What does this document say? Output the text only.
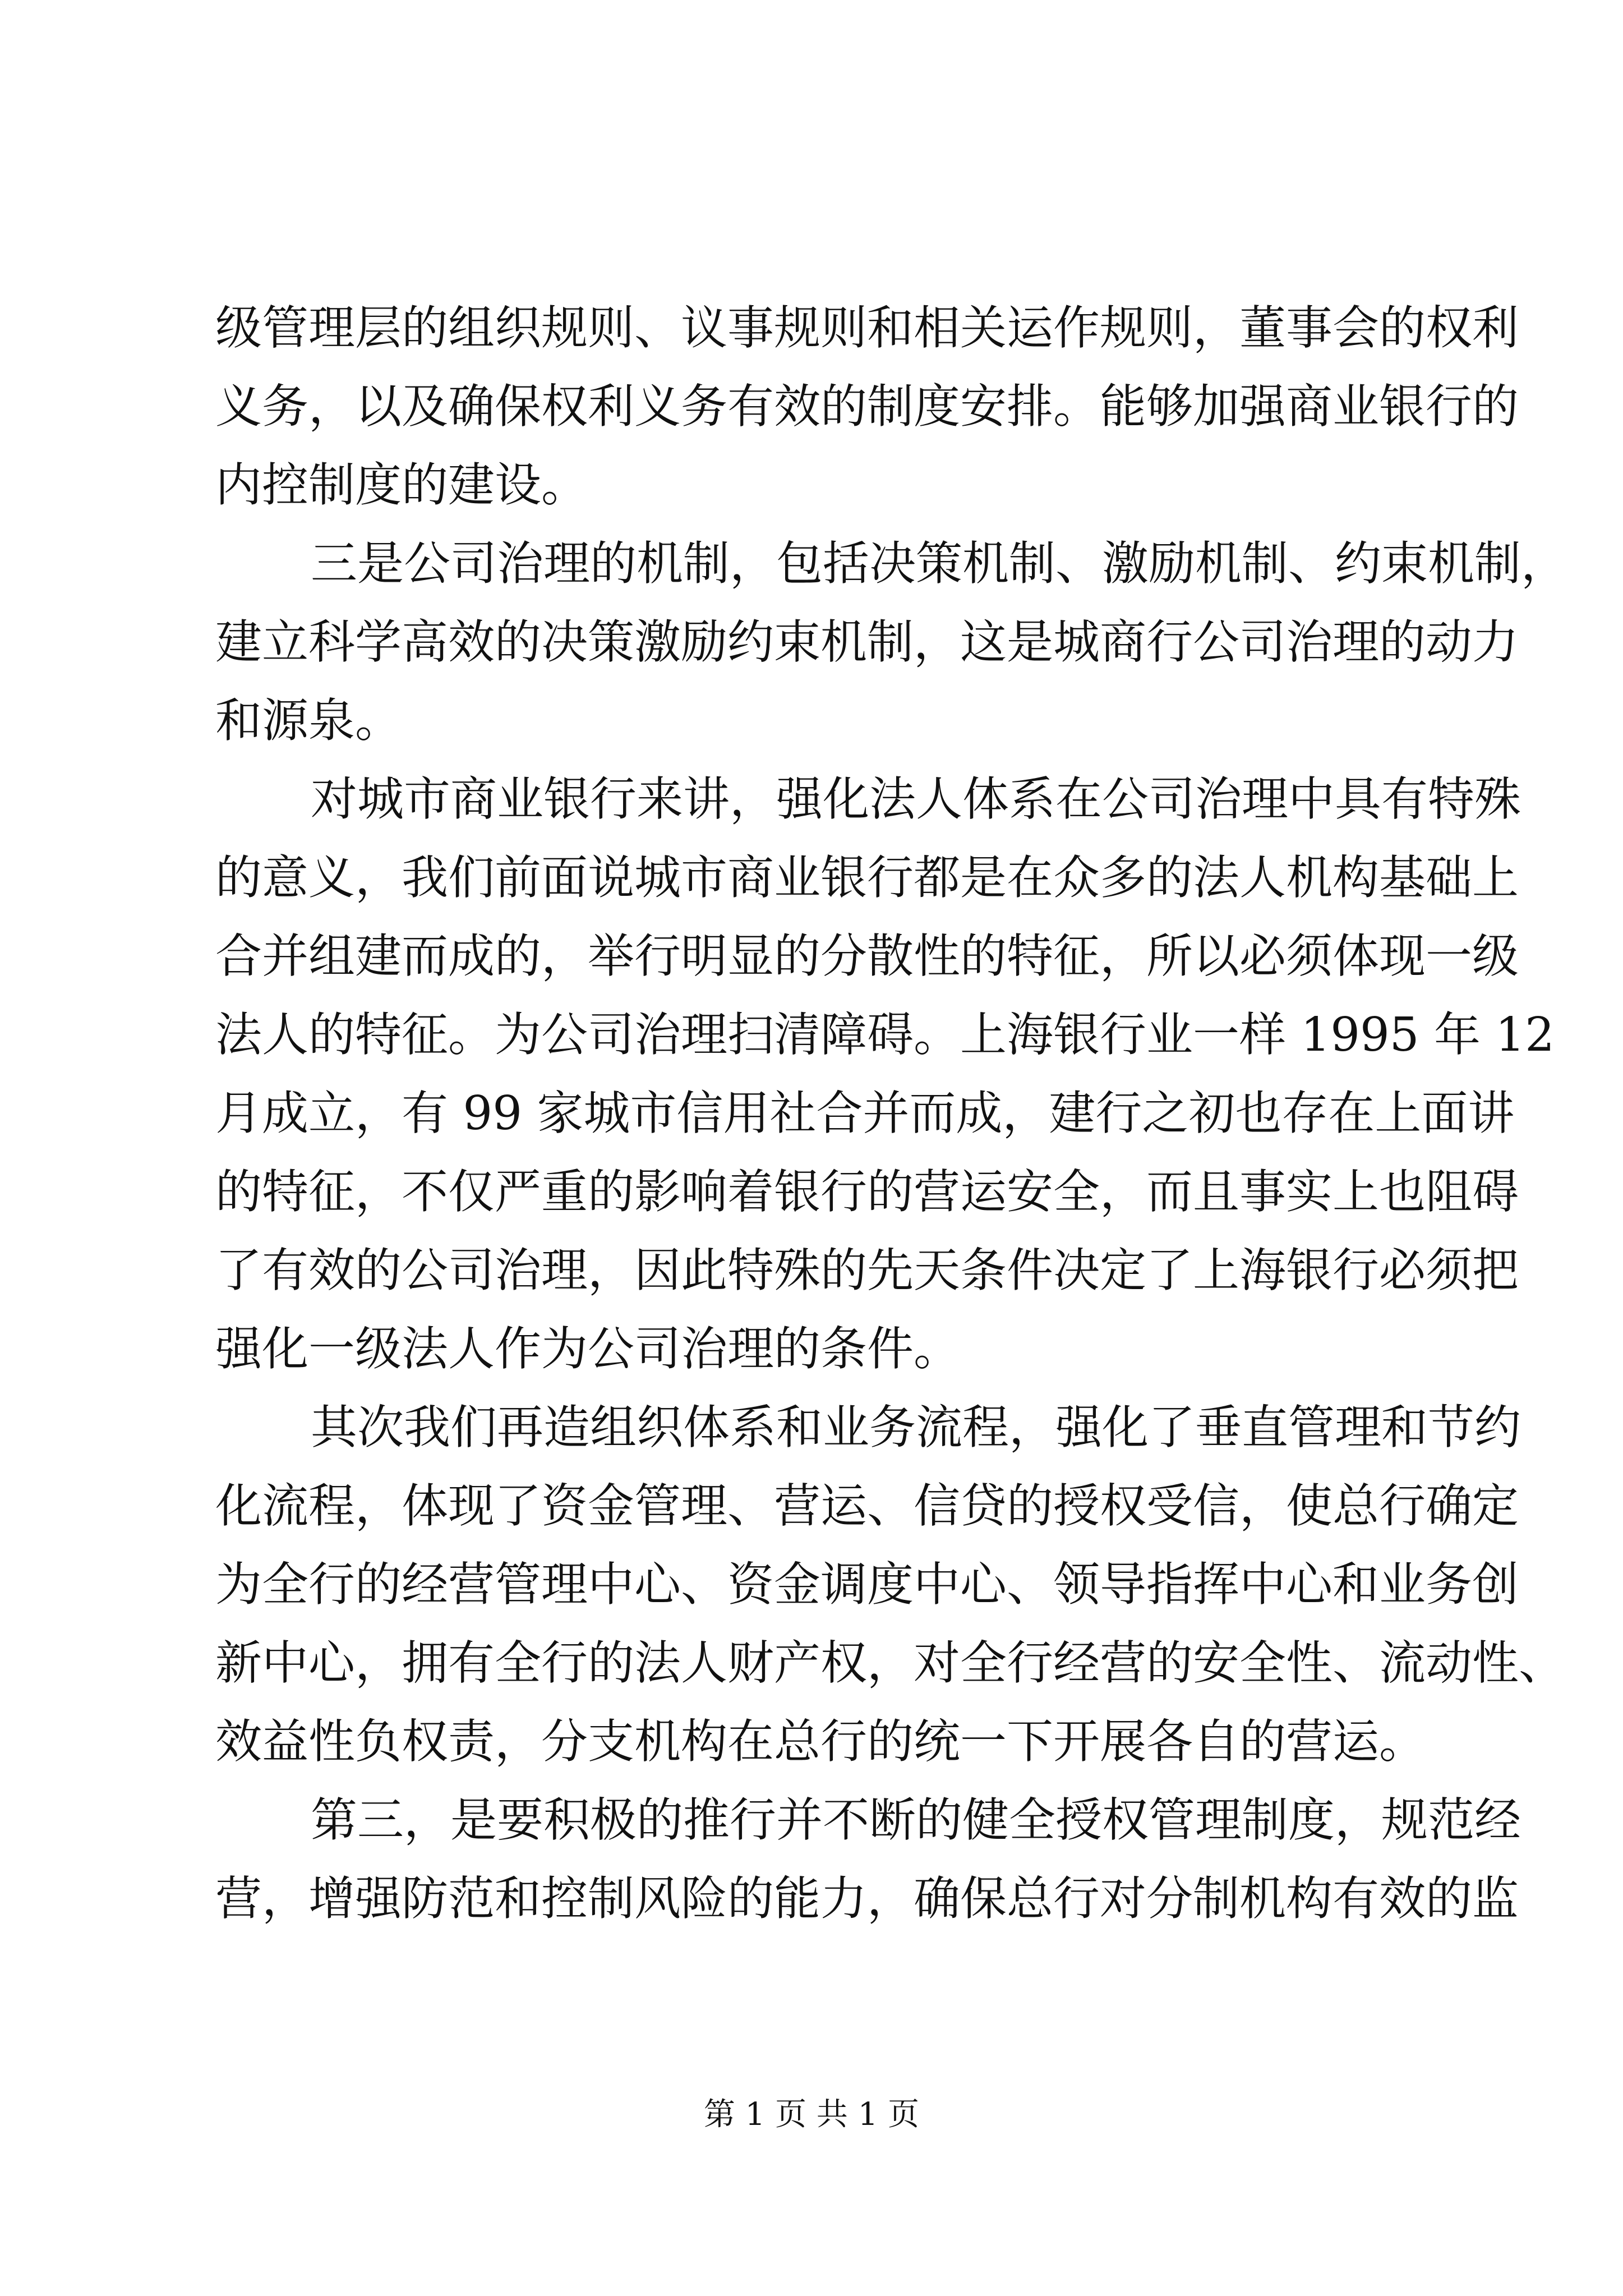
级管理层的组织规则、议事规则和相关运作规则，董事会的权利
义务，以及确保权利义务有效的制度安排。能够加强商业银行的
内控制度的建设。
三是公司治理的机制，包括决策机制、激励机制、约束机制，
建立科学高效的决策激励约束机制，这是城商行公司治理的动力
和源泉。
对城市商业银行来讲，强化法人体系在公司治理中具有特殊
的意义，我们前面说城市商业银行都是在众多的法人机构基础上
合并组建而成的，举行明显的分散性的特征，所以必须体现一级
法人的特征。为公司治理扫清障碍。上海银行业一样 1995 年 12
月成立，有 99 家城市信用社合并而成，建行之初也存在上面讲
的特征，不仅严重的影响着银行的营运安全，而且事实上也阻碍
了有效的公司治理，因此特殊的先天条件决定了上海银行必须把
强化一级法人作为公司治理的条件。
其次我们再造组织体系和业务流程，强化了垂直管理和节约
化流程，体现了资金管理、营运、信贷的授权受信，使总行确定
为全行的经营管理中心、资金调度中心、领导指挥中心和业务创
新中心，拥有全行的法人财产权，对全行经营的安全性、流动性、
效益性负权责，分支机构在总行的统一下开展各自的营运。
第三，是要积极的推行并不断的健全授权管理制度，规范经
营，增强防范和控制风险的能力，确保总行对分制机构有效的监
第 1 页 共 1 页
